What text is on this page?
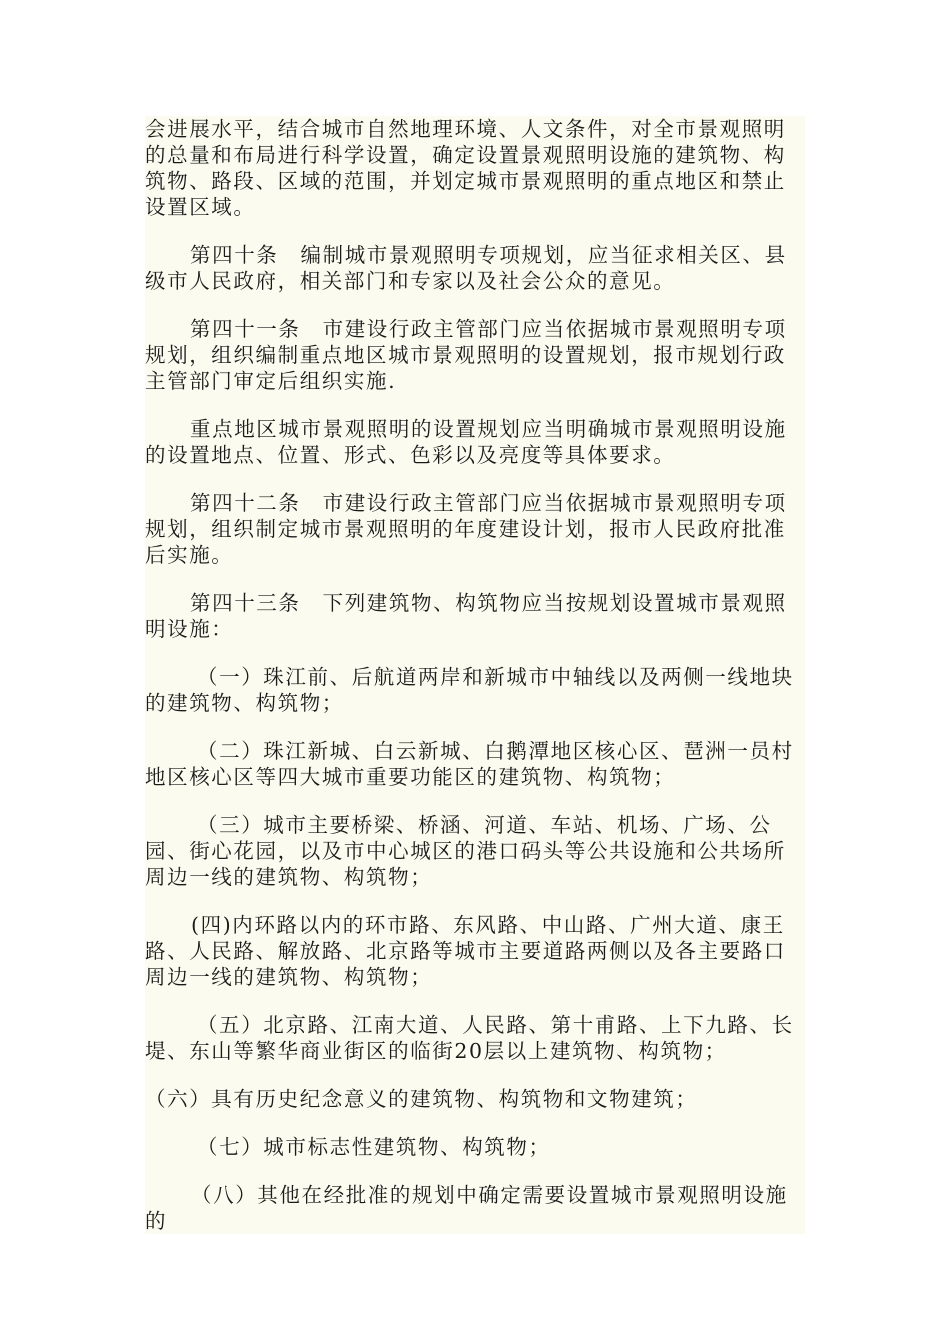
会进展水平，结合城市自然地理环境、人文条件，对全市景观照明的总量和布局进行科学设置，确定设置景观照明设施的建筑物、构筑物、路段、区域的范围，并划定城市景观照明的重点地区和禁止设置区域。

第四十条　编制城市景观照明专项规划，应当征求相关区、县级市人民政府，相关部门和专家以及社会公众的意见。

第四十一条　市建设行政主管部门应当依据城市景观照明专项规划，组织编制重点地区城市景观照明的设置规划，报市规划行政主管部门审定后组织实施.

重点地区城市景观照明的设置规划应当明确城市景观照明设施的设置地点、位置、形式、色彩以及亮度等具体要求。

第四十二条　市建设行政主管部门应当依据城市景观照明专项规划，组织制定城市景观照明的年度建设计划，报市人民政府批准后实施。

第四十三条　下列建筑物、构筑物应当按规划设置城市景观照明设施：

（一）珠江前、后航道两岸和新城市中轴线以及两侧一线地块的建筑物、构筑物；

（二）珠江新城、白云新城、白鹅潭地区核心区、琶洲一员村地区核心区等四大城市重要功能区的建筑物、构筑物；

（三）城市主要桥梁、桥涵、河道、车站、机场、广场、公园、街心花园，以及市中心城区的港口码头等公共设施和公共场所周边一线的建筑物、构筑物；

(四)内环路以内的环市路、东风路、中山路、广州大道、康王路、人民路、解放路、北京路等城市主要道路两侧以及各主要路口周边一线的建筑物、构筑物；

（五）北京路、江南大道、人民路、第十甫路、上下九路、长堤、东山等繁华商业街区的临街20层以上建筑物、构筑物；

（六）具有历史纪念意义的建筑物、构筑物和文物建筑；

（七）城市标志性建筑物、构筑物；

（八）其他在经批准的规划中确定需要设置城市景观照明设施的
